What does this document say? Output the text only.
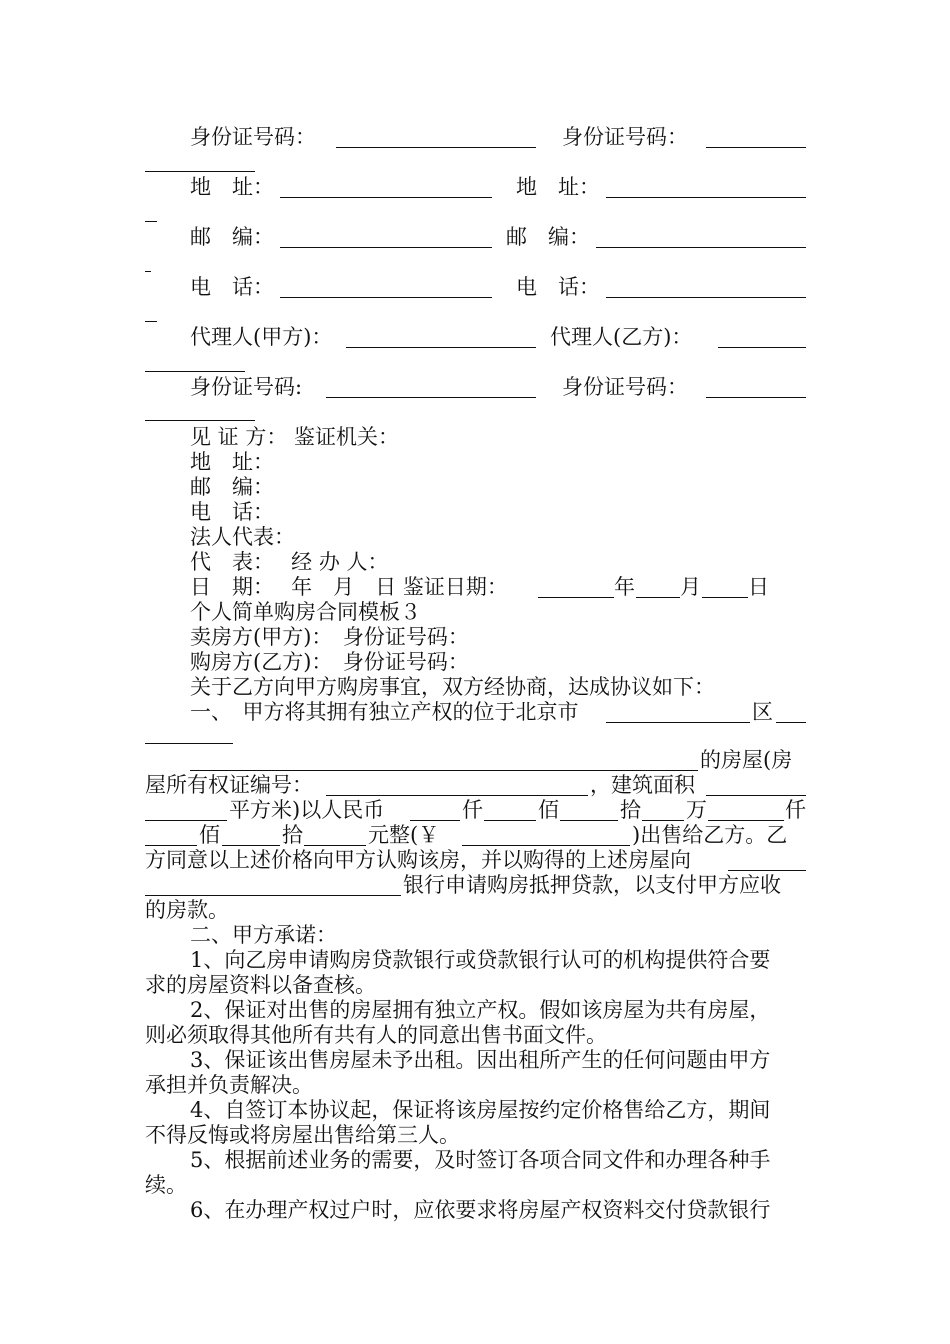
身份证号码：	身份证号码：
地　址：	地　址：
邮　编：	邮　编：
电　话：	电　话：
代理人(甲方)：	代理人(乙方)：
身份证号码:	身份证号码：
见 证 方： 鉴证机关：
地　址：
邮　编：
电　话：
法人代表：
代　表：　 经 办 人：
日　期：　 年　月　日 鉴证日期：	年 月 日
个人简单购房合同模板３
卖房方(甲方)：　身份证号码：
购房方(乙方)：　身份证号码：
关于乙方向甲方购房事宜，双方经协商，达成协议如下：
一、　甲方将其拥有独立产权的位于北京市	区
的房屋(房
屋所有权证编号：	，建筑面积
平方米)以人民币	仟	佰	拾 万	仟
佰	拾	元整(￥	)出售给乙方。乙
方同意以上述价格向甲方认购该房，并以购得的上述房屋向
银行申请购房抵押贷款，以支付甲方应收
的房款。
二、甲方承诺：
1、向乙房申请购房贷款银行或贷款银行认可的机构提供符合要
求的房屋资料以备查核。
2、保证对出售的房屋拥有独立产权。假如该房屋为共有房屋，
则必须取得其他所有共有人的同意出售书面文件。
3、保证该出售房屋未予出租。因出租所产生的任何问题由甲方
承担并负责解决。
4、自签订本协议起，保证将该房屋按约定价格售给乙方，期间
不得反悔或将房屋出售给第三人。
5、根据前述业务的需要，及时签订各项合同文件和办理各种手
续。
6、在办理产权过户时，应依要求将房屋产权资料交付贷款银行
